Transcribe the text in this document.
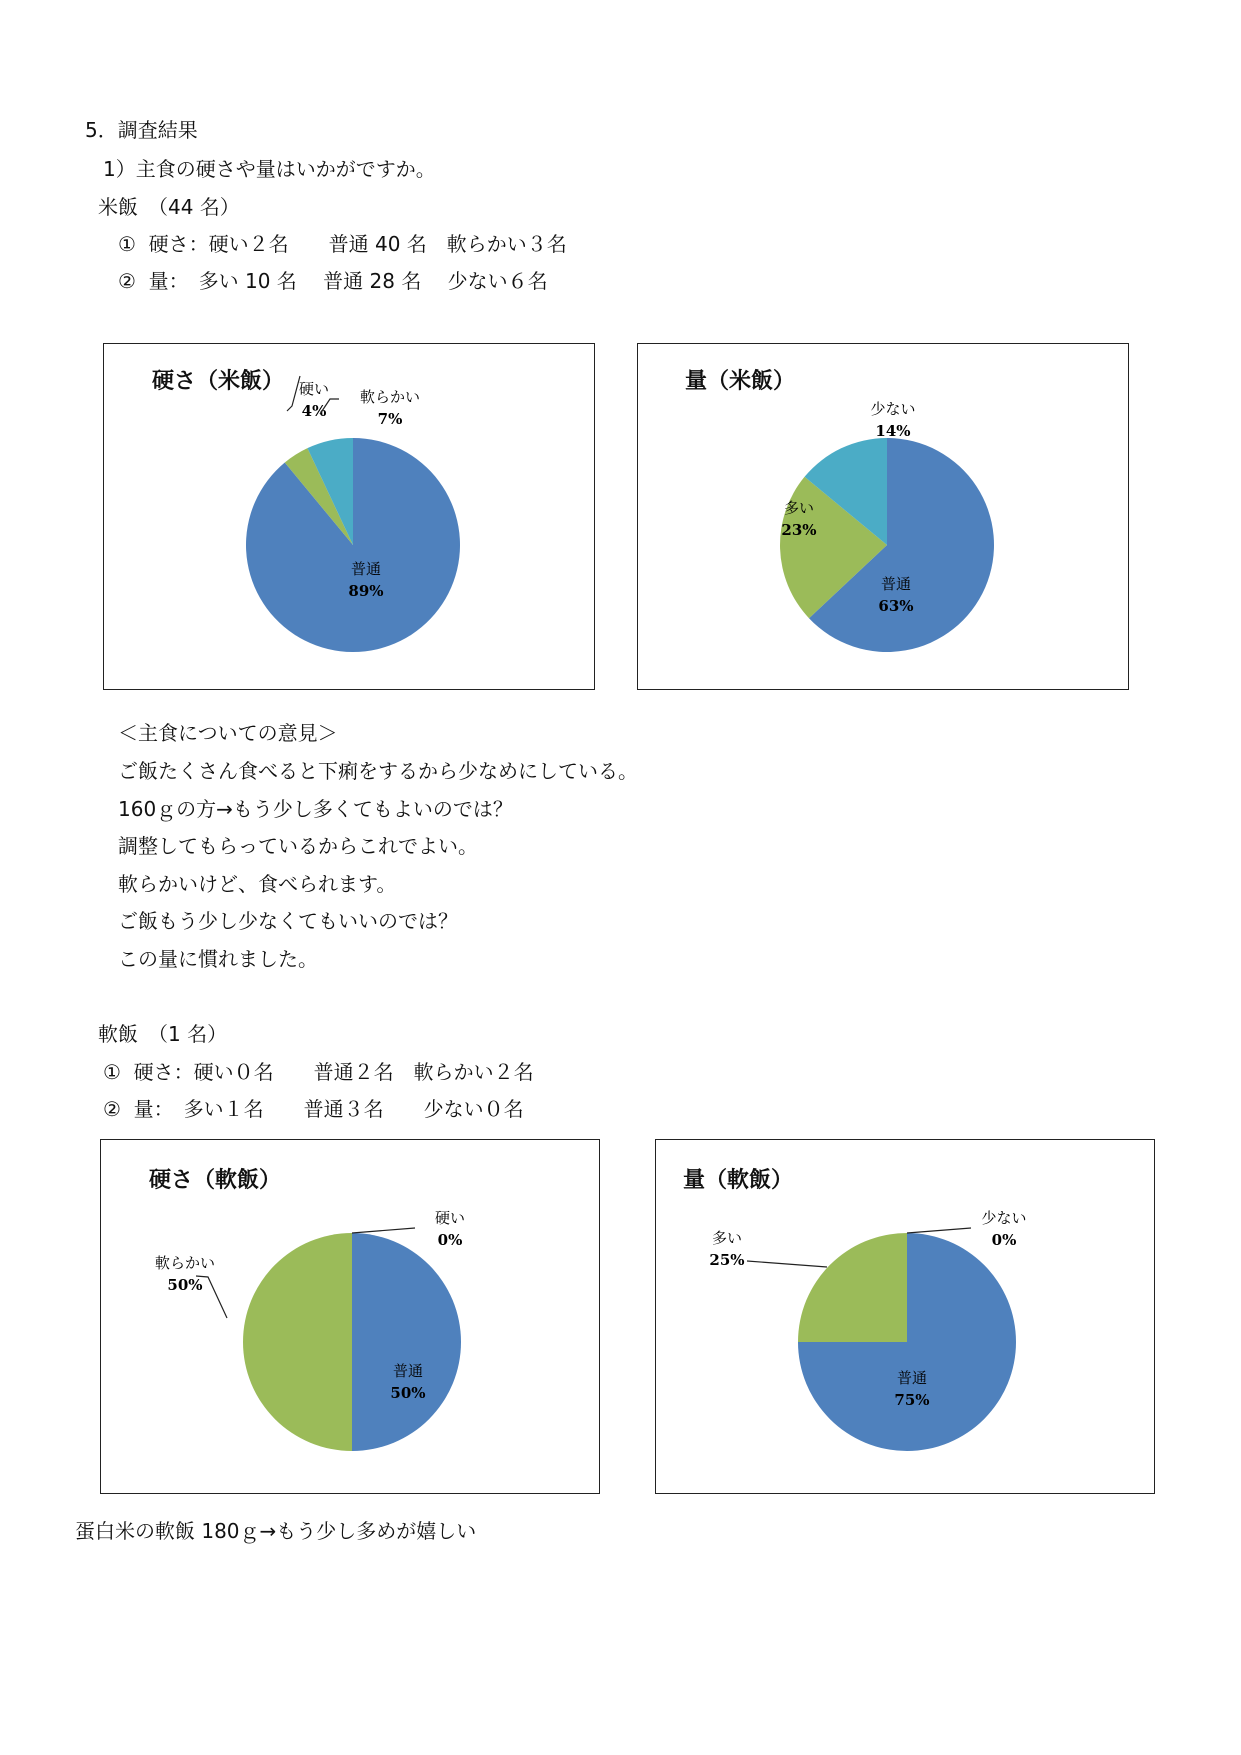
5．調査結果
1）主食の硬さや量はいかがですか。
米飯　（44 名）
①  硬さ：硬い２名　　普通 40 名　軟らかい３名
②  量：　多い 10 名　 普通 28 名　 少ない６名
硬さ（米飯）
普通
89%
硬い
4%
軟らかい
7%
量（米飯）
普通
63%
多い
23%
少ない
14%
＜主食についての意見＞
ご飯たくさん食べると下痢をするから少なめにしている。
160ｇの方→もう少し多くてもよいのでは？
調整してもらっているからこれでよい。
軟らかいけど、食べられます。
ご飯もう少し少なくてもいいのでは？
この量に慣れました。
軟飯　（1 名）
①  硬さ：硬い０名　　普通２名　軟らかい２名
②  量：　多い１名　　普通３名　　少ない０名
硬さ（軟飯）
普通
50%
軟らかい
50%
硬い
0%
量（軟飯）
普通
75%
多い
25%
少ない
0%
蛋白米の軟飯 180ｇ→もう少し多めが嬉しい
